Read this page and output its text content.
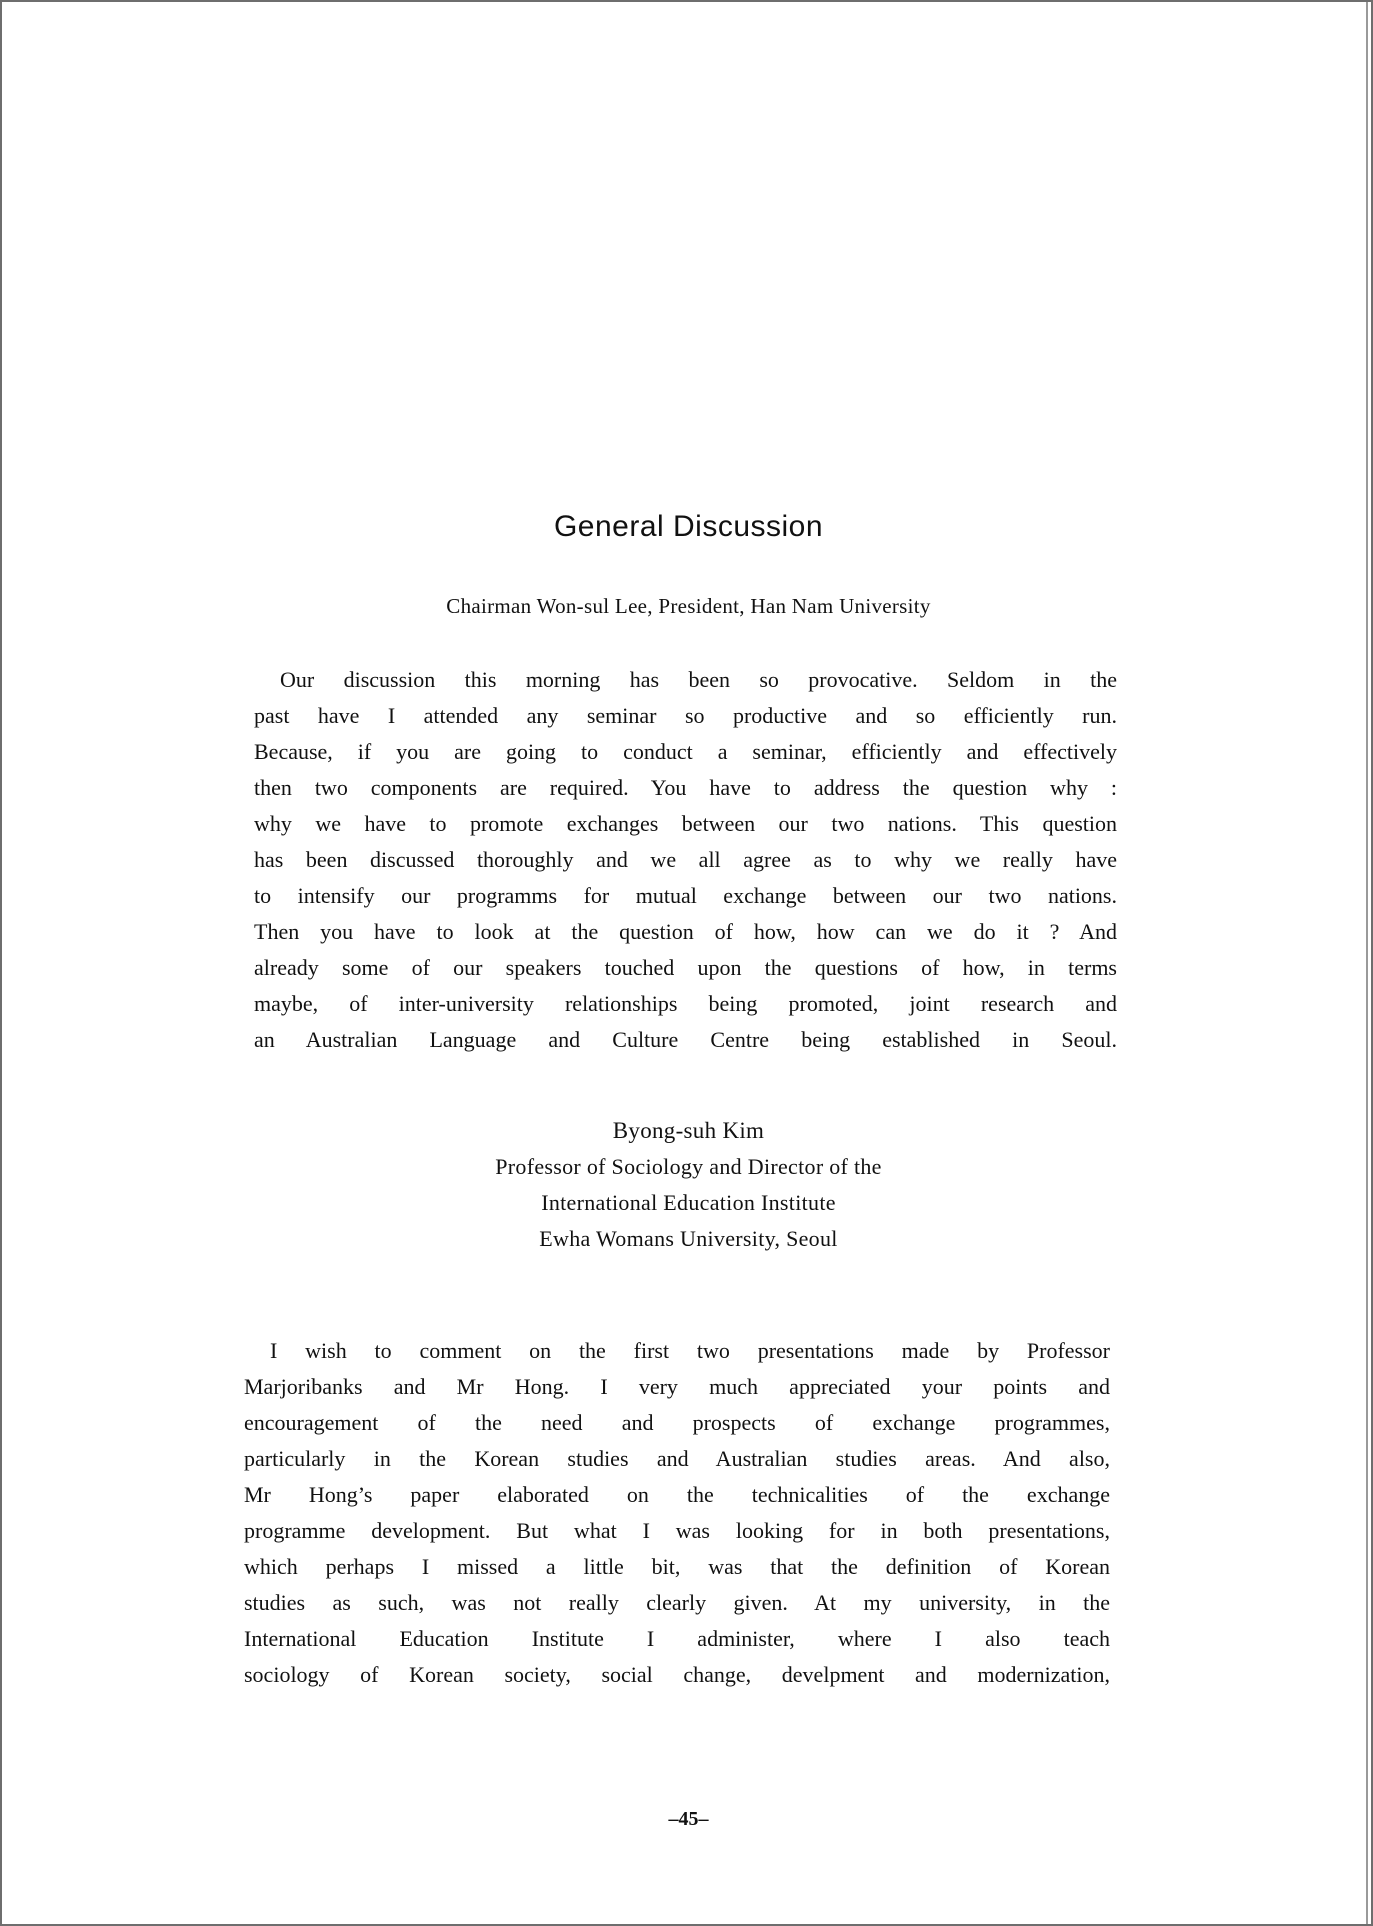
General Discussion
Chairman Won-sul Lee, President, Han Nam University

Our discussion this morning has been so provocative. Seldom in the
past have I attended any seminar so productive and so efficiently run.
Because, if you are going to conduct a seminar, efficiently and effectively
then two components are required. You have to address the question why :
why we have to promote exchanges between our two nations. This question
has been discussed thoroughly and we all agree as to why we really have
to intensify our programms for mutual exchange between our two nations.
Then you have to look at the question of how, how can we do it ? And
already some of our speakers touched upon the questions of how, in terms
maybe, of inter-university relationships being promoted, joint research and
an Australian Language and Culture Centre being established in Seoul.

Byong-suh Kim
Professor of Sociology and Director of the
International Education Institute
Ewha Womans University, Seoul

I wish to comment on the first two presentations made by Professor
Marjoribanks and Mr Hong. I very much appreciated your points and
encouragement of the need and prospects of exchange programmes,
particularly in the Korean studies and Australian studies areas. And also,
Mr Hong’s paper elaborated on the technicalities of the exchange
programme development. But what I was looking for in both presentations,
which perhaps I missed a little bit, was that the definition of Korean
studies as such, was not really clearly given. At my university, in the
International Education Institute I administer, where I also teach
sociology of Korean society, social change, develpment and modernization,

–45–
